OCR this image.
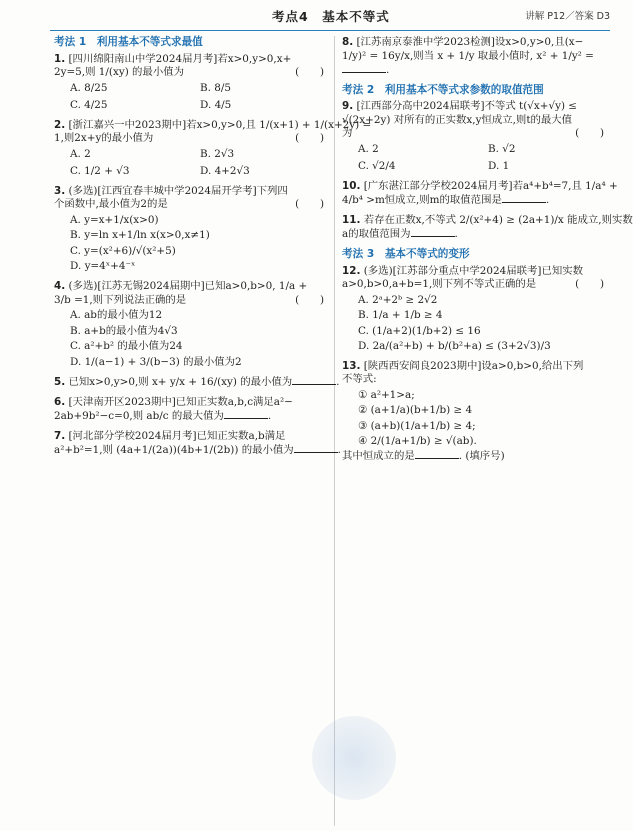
考点4　基本不等式	讲解 P12／答案 D3
考法 1　利用基本不等式求最值
1. [四川绵阳南山中学2024届月考]若x>0,y>0,x+
2y=5,则 1/(xy) 的最小值为	(　　)
A. 8/25	B. 8/5
C. 4/25	D. 4/5
2. [浙江嘉兴一中2023期中]若x>0,y>0,且 1/(x+1) + 1/(x+2y) =
1,则2x+y的最小值为	(　　)
A. 2	B. 2√3
C. 1/2 + √3	D. 4+2√3
3. (多选)[江西宜春丰城中学2024届开学考]下列四
个函数中,最小值为2的是	(　　)
A. y=x+1/x(x>0)
B. y=ln x+1/ln x(x>0,x≠1)
C. y=(x²+6)/√(x²+5)
D. y=4ˣ+4⁻ˣ
4. (多选)[江苏无锡2024届期中]已知a>0,b>0, 1/a +
3/b =1,则下列说法正确的是	(　　)
A. ab的最小值为12
B. a+b的最小值为4√3
C. a²+b² 的最小值为24
D. 1/(a−1) + 3/(b−3) 的最小值为2
5. 已知x>0,y>0,则 x+ y/x + 16/(xy) 的最小值为	.
6. [天津南开区2023期中]已知正实数a,b,c满足a²−
2ab+9b²−c=0,则 ab/c 的最大值为	.
7. [河北部分学校2024届月考]已知正实数a,b满足
a²+b²=1,则 (4a+1/(2a))(4b+1/(2b)) 的最小值为	.
8. [江苏南京泰淮中学2023检测]设x>0,y>0,且(x−
1/y)² = 16y/x,则当 x + 1/y 取最小值时, x² + 1/y² =
.
考法 2　利用基本不等式求参数的取值范围
9. [江西部分高中2024届联考]不等式 t(√x+√y) ≤
√(2x+2y) 对所有的正实数x,y恒成立,则t的最大值
为	(　　)
A. 2	B. √2
C. √2/4	D. 1
10. [广东湛江部分学校2024届月考]若a⁴+b⁴=7,且 1/a⁴ +
4/b⁴ >m恒成立,则m的取值范围是	.
11. 若存在正数x,不等式 2/(x²+4) ≥ (2a+1)/x 能成立,则实数
a的取值范围为	.
考法 3　基本不等式的变形
12. (多选)[江苏部分重点中学2024届联考]已知实数
a>0,b>0,a+b=1,则下列不等式正确的是	(　　)
A. 2ᵃ+2ᵇ ≥ 2√2
B. 1/a + 1/b ≥ 4
C. (1/a+2)(1/b+2) ≤ 16
D. 2a/(a²+b) + b/(b²+a) ≤ (3+2√3)/3
13. [陕西西安阎良2023期中]设a>0,b>0,给出下列
不等式:
① a²+1>a;
② (a+1/a)(b+1/b) ≥ 4
③ (a+b)(1/a+1/b) ≥ 4;
④ 2/(1/a+1/b) ≥ √(ab).
其中恒成立的是	. (填序号)
